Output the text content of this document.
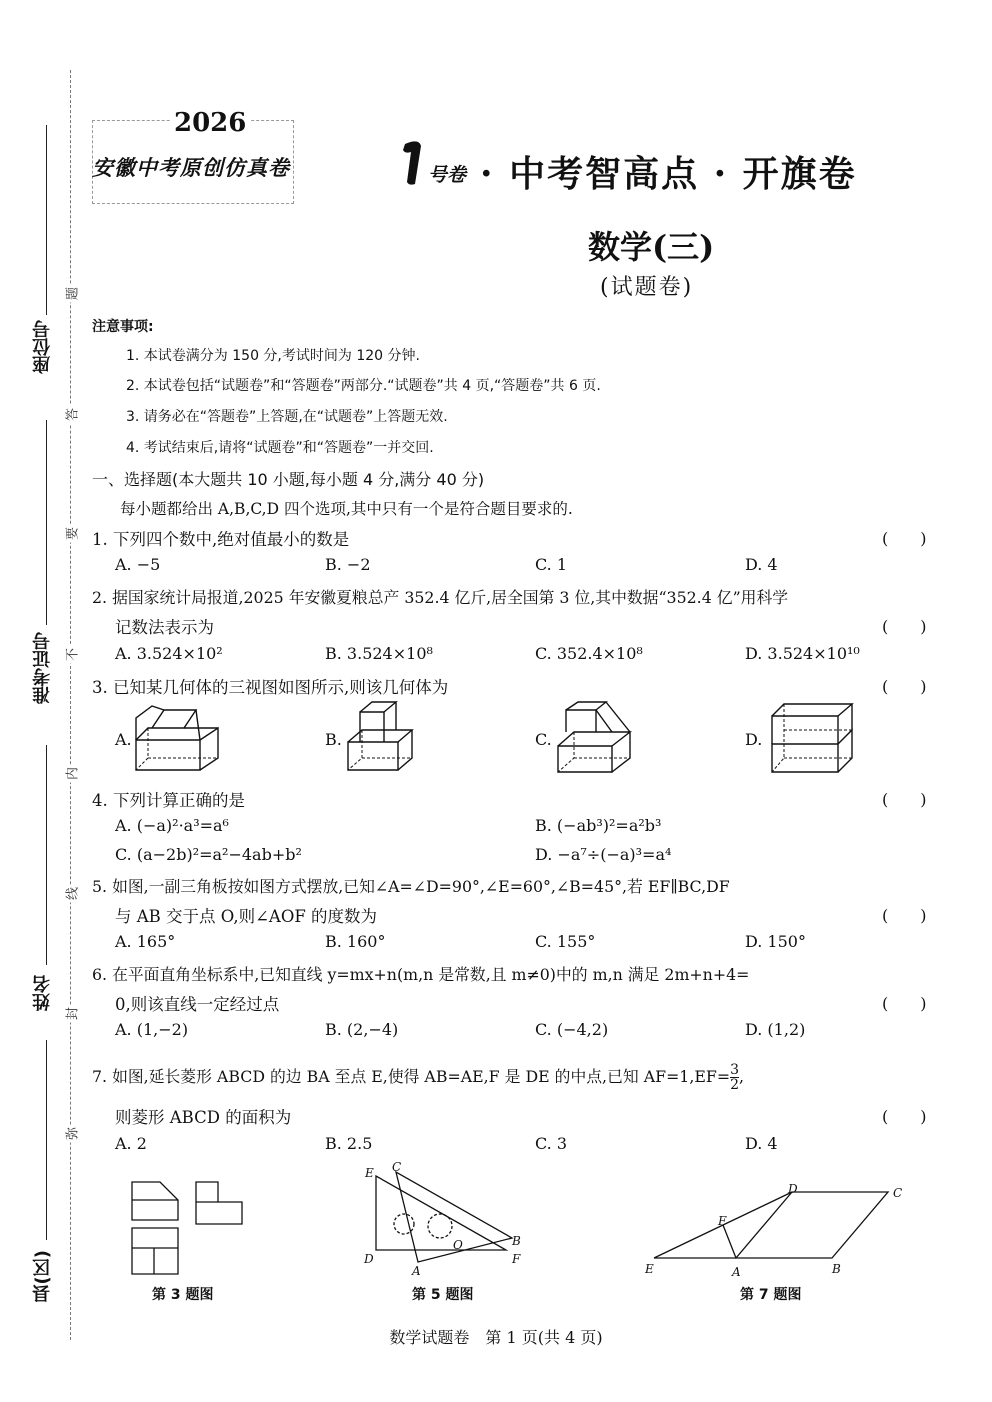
座位号
准考证号
姓名
县(区)
题
答
要
不
内
线
封
弥
2026
安徽中考原创仿真卷	号卷 · 中考智高点 · 开旗卷
数学(三)
(试题卷)
注意事项:
1. 本试卷满分为 150 分,考试时间为 120 分钟.
2. 本试卷包括“试题卷”和“答题卷”两部分.“试题卷”共 4 页,“答题卷”共 6 页.
3. 请务必在“答题卷”上答题,在“试题卷”上答题无效.
4. 考试结束后,请将“试题卷”和“答题卷”一并交回.
一、选择题(本大题共 10 小题,每小题 4 分,满分 40 分)
每小题都给出 A,B,C,D 四个选项,其中只有一个是符合题目要求的.
1. 下列四个数中,绝对值最小的数是	(　　)
A. −5	B. −2	C. 1	D. 4
2. 据国家统计局报道,2025 年安徽夏粮总产 352.4 亿斤,居全国第 3 位,其中数据“352.4 亿”用科学
记数法表示为	(　　)
A. 3.524×10²	B. 3.524×10⁸	C. 352.4×10⁸	D. 3.524×10¹⁰
3. 已知某几何体的三视图如图所示,则该几何体为	(　　)
A.	B.	C.	D.
4. 下列计算正确的是	(　　)
A. (−a)²·a³=a⁶	B. (−ab³)²=a²b³
C. (a−2b)²=a²−4ab+b²	D. −a⁷÷(−a)³=a⁴
5. 如图,一副三角板按如图方式摆放,已知∠A=∠D=90°,∠E=60°,∠B=45°,若 EF∥BC,DF
与 AB 交于点 O,则∠AOF 的度数为	(　　)
A. 165°	B. 160°	C. 155°	D. 150°
6. 在平面直角坐标系中,已知直线 y=mx+n(m,n 是常数,且 m≠0)中的 m,n 满足 2m+n+4=
0,则该直线一定经过点	(　　)
A. (1,−2)	B. (2,−4)	C. (−4,2)	D. (1,2)
7. 如图,延长菱形 ABCD 的边 BA 至点 E,使得 AB=AE,F 是 DE 的中点,已知 $AF=1,EF= \frac{3}{2}$ ,
则菱形 ABCD 的面积为	(　　)
A. 2	B. 2.5	C. 3	D. 4
第 3 题图
E C
D
A
O	B
F
第 5 题图
D	C
F
E	A	B
第 7 题图
数学试题卷　第 1 页(共 4 页)
